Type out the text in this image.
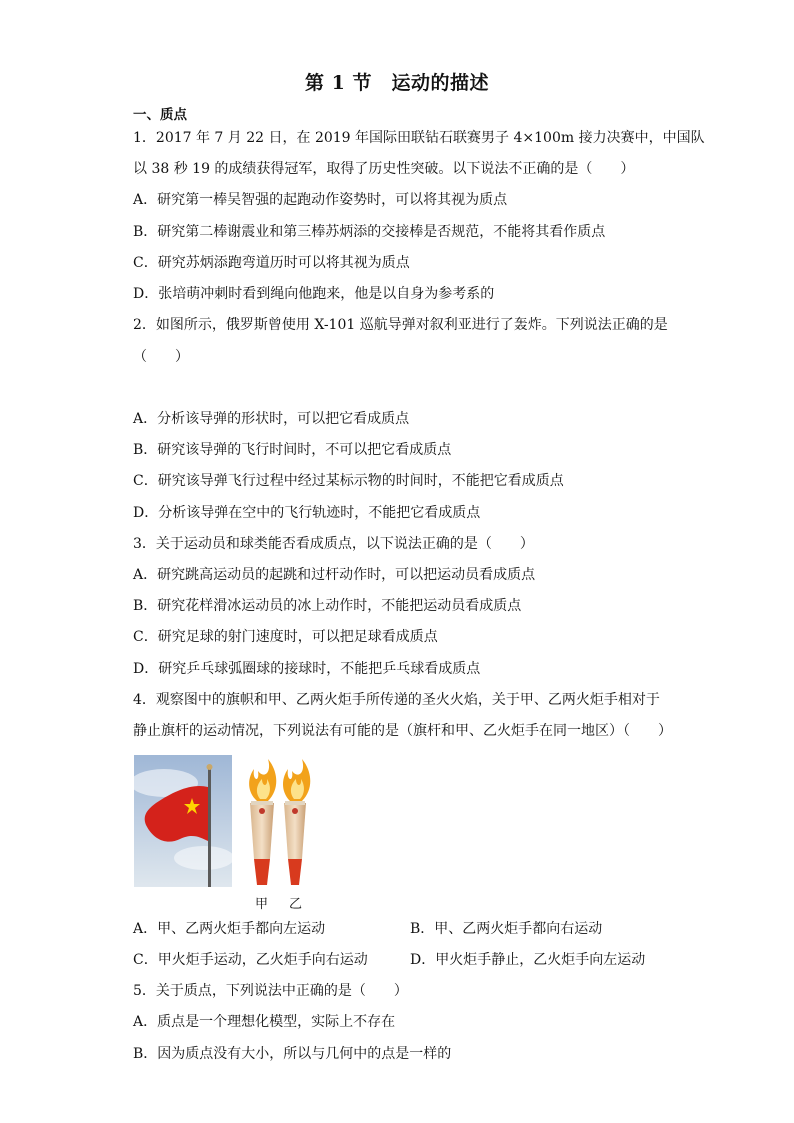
第 1 节　运动的描述
一、质点
1．2017 年 7 月 22 日，在 2019 年国际田联钻石联赛男子 4×100m 接力决赛中，中国队
以 38 秒 19 的成绩获得冠军，取得了历史性突破。以下说法不正确的是（　　）
A．研究第一棒吴智强的起跑动作姿势时，可以将其视为质点
B．研究第二棒谢震业和第三棒苏炳添的交接棒是否规范，不能将其看作质点
C．研究苏炳添跑弯道历时可以将其视为质点
D．张培萌冲刺时看到绳向他跑来，他是以自身为参考系的
2．如图所示，俄罗斯曾使用 X-101 巡航导弹对叙利亚进行了轰炸。下列说法正确的是
（　　）
A．分析该导弹的形状时，可以把它看成质点
B．研究该导弹的飞行时间时，不可以把它看成质点
C．研究该导弹飞行过程中经过某标示物的时间时，不能把它看成质点
D．分析该导弹在空中的飞行轨迹时，不能把它看成质点
3．关于运动员和球类能否看成质点，以下说法正确的是（　　）
A．研究跳高运动员的起跳和过杆动作时，可以把运动员看成质点
B．研究花样滑冰运动员的冰上动作时，不能把运动员看成质点
C．研究足球的射门速度时，可以把足球看成质点
D．研究乒乓球弧圈球的接球时，不能把乒乓球看成质点
4．观察图中的旗帜和甲、乙两火炬手所传递的圣火火焰，关于甲、乙两火炬手相对于
静止旗杆的运动情况，下列说法有可能的是（旗杆和甲、乙火炬手在同一地区）（　　）
甲 乙
A．甲、乙两火炬手都向左运动	B．甲、乙两火炬手都向右运动
C．甲火炬手运动，乙火炬手向右运动	D．甲火炬手静止，乙火炬手向左运动
5．关于质点，下列说法中正确的是（　　）
A．质点是一个理想化模型，实际上不存在
B．因为质点没有大小，所以与几何中的点是一样的
